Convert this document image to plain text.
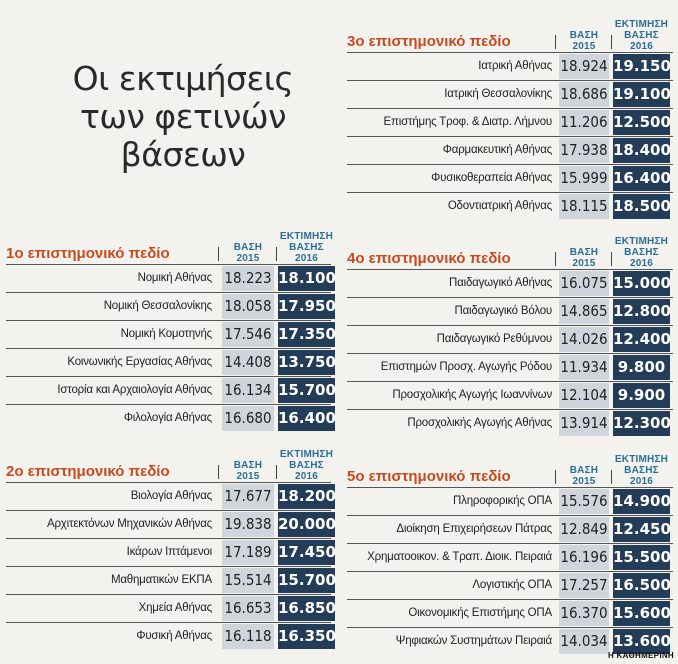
Οι εκτιμήσεις
των φετινών
βάσεων
1ο επιστημονικό πεδίο	ΒΑΣΗ
2015
ΕΚΤΙΜΗΣΗ
ΒΑΣΗΣ
2016
Νομική Αθήνας 18.223 18.100
Νομική Θεσσαλονίκης 18.058 17.950
Νομική Κομοτηνής 17.546 17.350
Κοινωνικής Εργασίας Αθήνας 14.408 13.750
Ιστορία και Αρχαιολογία Αθήνας 16.134 15.700
Φιλολογία Αθήνας 16.680 16.400
2ο επιστημονικό πεδίο	ΒΑΣΗ
2015
ΕΚΤΙΜΗΣΗ
ΒΑΣΗΣ
2016
Βιολογία Αθήνας 17.677 18.200
Αρχιτεκτόνων Μηχανικών Αθήνας 19.838 20.000
Ικάρων Ιπτάμενοι 17.189 17.450
Μαθηματικών ΕΚΠΑ 15.514 15.700
Χημεία Αθήνας 16.653 16.850
Φυσική Αθήνας 16.118 16.350
3ο επιστημονικό πεδίο	ΒΑΣΗ
2015
ΕΚΤΙΜΗΣΗ
ΒΑΣΗΣ
2016
Ιατρική Αθήνας 18.924 19.150
Ιατρική Θεσσαλονίκης 18.686 19.100
Επιστήμης Τροφ. & Διατρ. Λήμνου 11.206 12.500
Φαρμακευτική Αθήνας 17.938 18.400
Φυσικοθεραπεία Αθήνας 15.999 16.400
Οδοντιατρική Αθήνας 18.115 18.500
4ο επιστημονικό πεδίο	ΒΑΣΗ
2015
ΕΚΤΙΜΗΣΗ
ΒΑΣΗΣ
2016
Παιδαγωγικό Αθήνας 16.075 15.000
Παιδαγωγικό Βόλου 14.865 12.800
Παιδαγωγικό Ρεθύμνου 14.026 12.400
Επιστημών Προσχ. Αγωγής Ρόδου 11.934 9.800
Προσχολικής Αγωγής Ιωαννίνων 12.104 9.900
Προσχολικής Αγωγής Αθήνας 13.914 12.300
5ο επιστημονικό πεδίο	ΒΑΣΗ
2015
ΕΚΤΙΜΗΣΗ
ΒΑΣΗΣ
2016
Πληροφορικής ΟΠΑ 15.576 14.900
Διοίκηση Επιχειρήσεων Πάτρας 12.849 12.450
Χρηματοοικον. & Τραπ. Διοικ. Πειραιά 16.196 15.500
Λογιστικής ΟΠΑ 17.257 16.500
Οικονομικής Επιστήμης ΟΠΑ 16.370 15.600
Ψηφιακών Συστημάτων Πειραιά 14.034 13.600
Η ΚΑΘΗΜΕΡΙΝΗ
